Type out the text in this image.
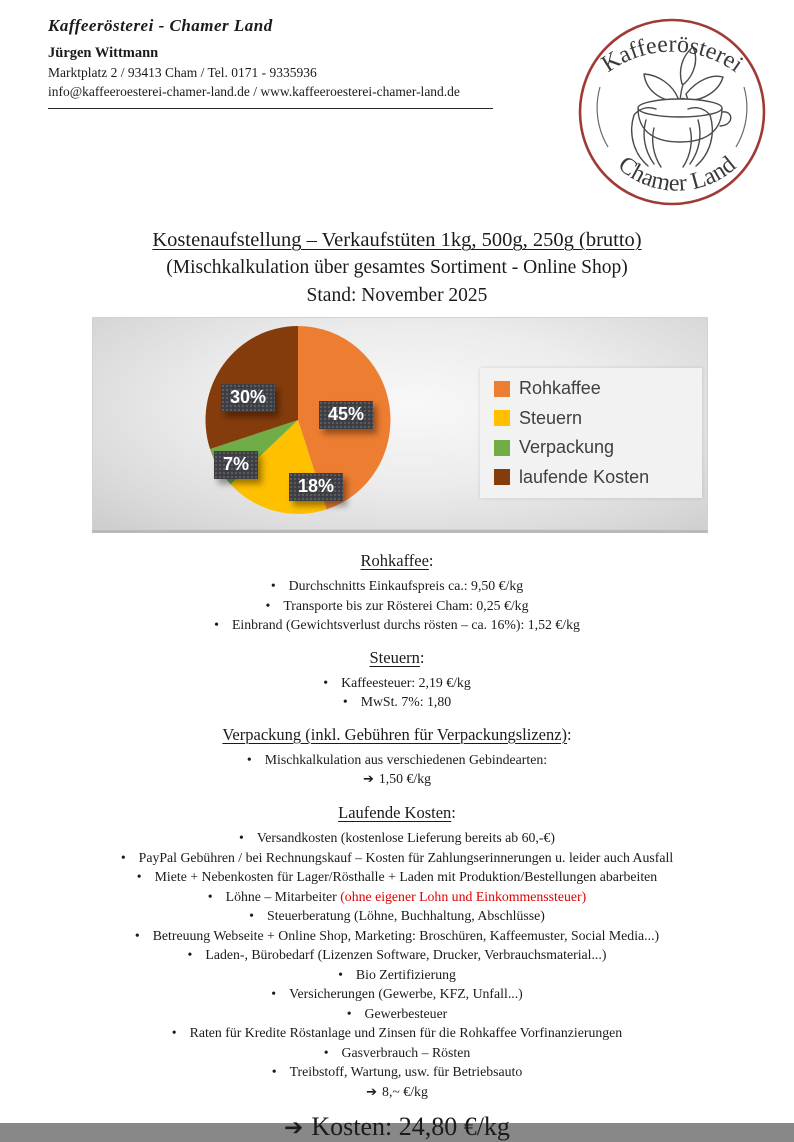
Kaffeerösterei - Chamer Land
Jürgen Wittmann
Marktplatz 2 / 93413 Cham / Tel. 0171 - 9335936
info@kaffeeroesterei-chamer-land.de / www.kaffeeroesterei-chamer-land.de
Kaffeerösterei
Chamer Land
Kostenaufstellung – Verkaufstüten 1kg, 500g, 250g (brutto)
(Mischkalkulation über gesamtes Sortiment - Online Shop)
Stand: November 2025
45%
18%
7%
30%	Rohkaffee
Steuern
Verpackung
laufende Kosten
Rohkaffee:
• Durchschnitts Einkaufspreis ca.: 9,50 €/kg
• Transporte bis zur Rösterei Cham: 0,25 €/kg
• Einbrand (Gewichtsverlust durchs rösten – ca. 16%): 1,52 €/kg
Steuern:
• Kaffeesteuer: 2,19 €/kg
• MwSt. 7%: 1,80
Verpackung (inkl. Gebühren für Verpackungslizenz):
• Mischkalkulation aus verschiedenen Gebindearten:
➔ 1,50 €/kg
Laufende Kosten:
• Versandkosten (kostenlose Lieferung bereits ab 60,-€)
• PayPal Gebühren / bei Rechnungskauf – Kosten für Zahlungserinnerungen u. leider auch Ausfall
• Miete + Nebenkosten für Lager/Rösthalle + Laden mit Produktion/Bestellungen abarbeiten
• Löhne – Mitarbeiter (ohne eigener Lohn und Einkommenssteuer)
• Steuerberatung (Löhne, Buchhaltung, Abschlüsse)
• Betreuung Webseite + Online Shop, Marketing: Broschüren, Kaffeemuster, Social Media...)
• Laden-, Bürobedarf (Lizenzen Software, Drucker, Verbrauchsmaterial...)
• Bio Zertifizierung
• Versicherungen (Gewerbe, KFZ, Unfall...)
• Gewerbesteuer
• Raten für Kredite Röstanlage und Zinsen für die Rohkaffee Vorfinanzierungen
• Gasverbrauch – Rösten
• Treibstoff, Wartung, usw. für Betriebsauto
➔ 8,~ €/kg
➔ Kosten: 24,80 €/kg
